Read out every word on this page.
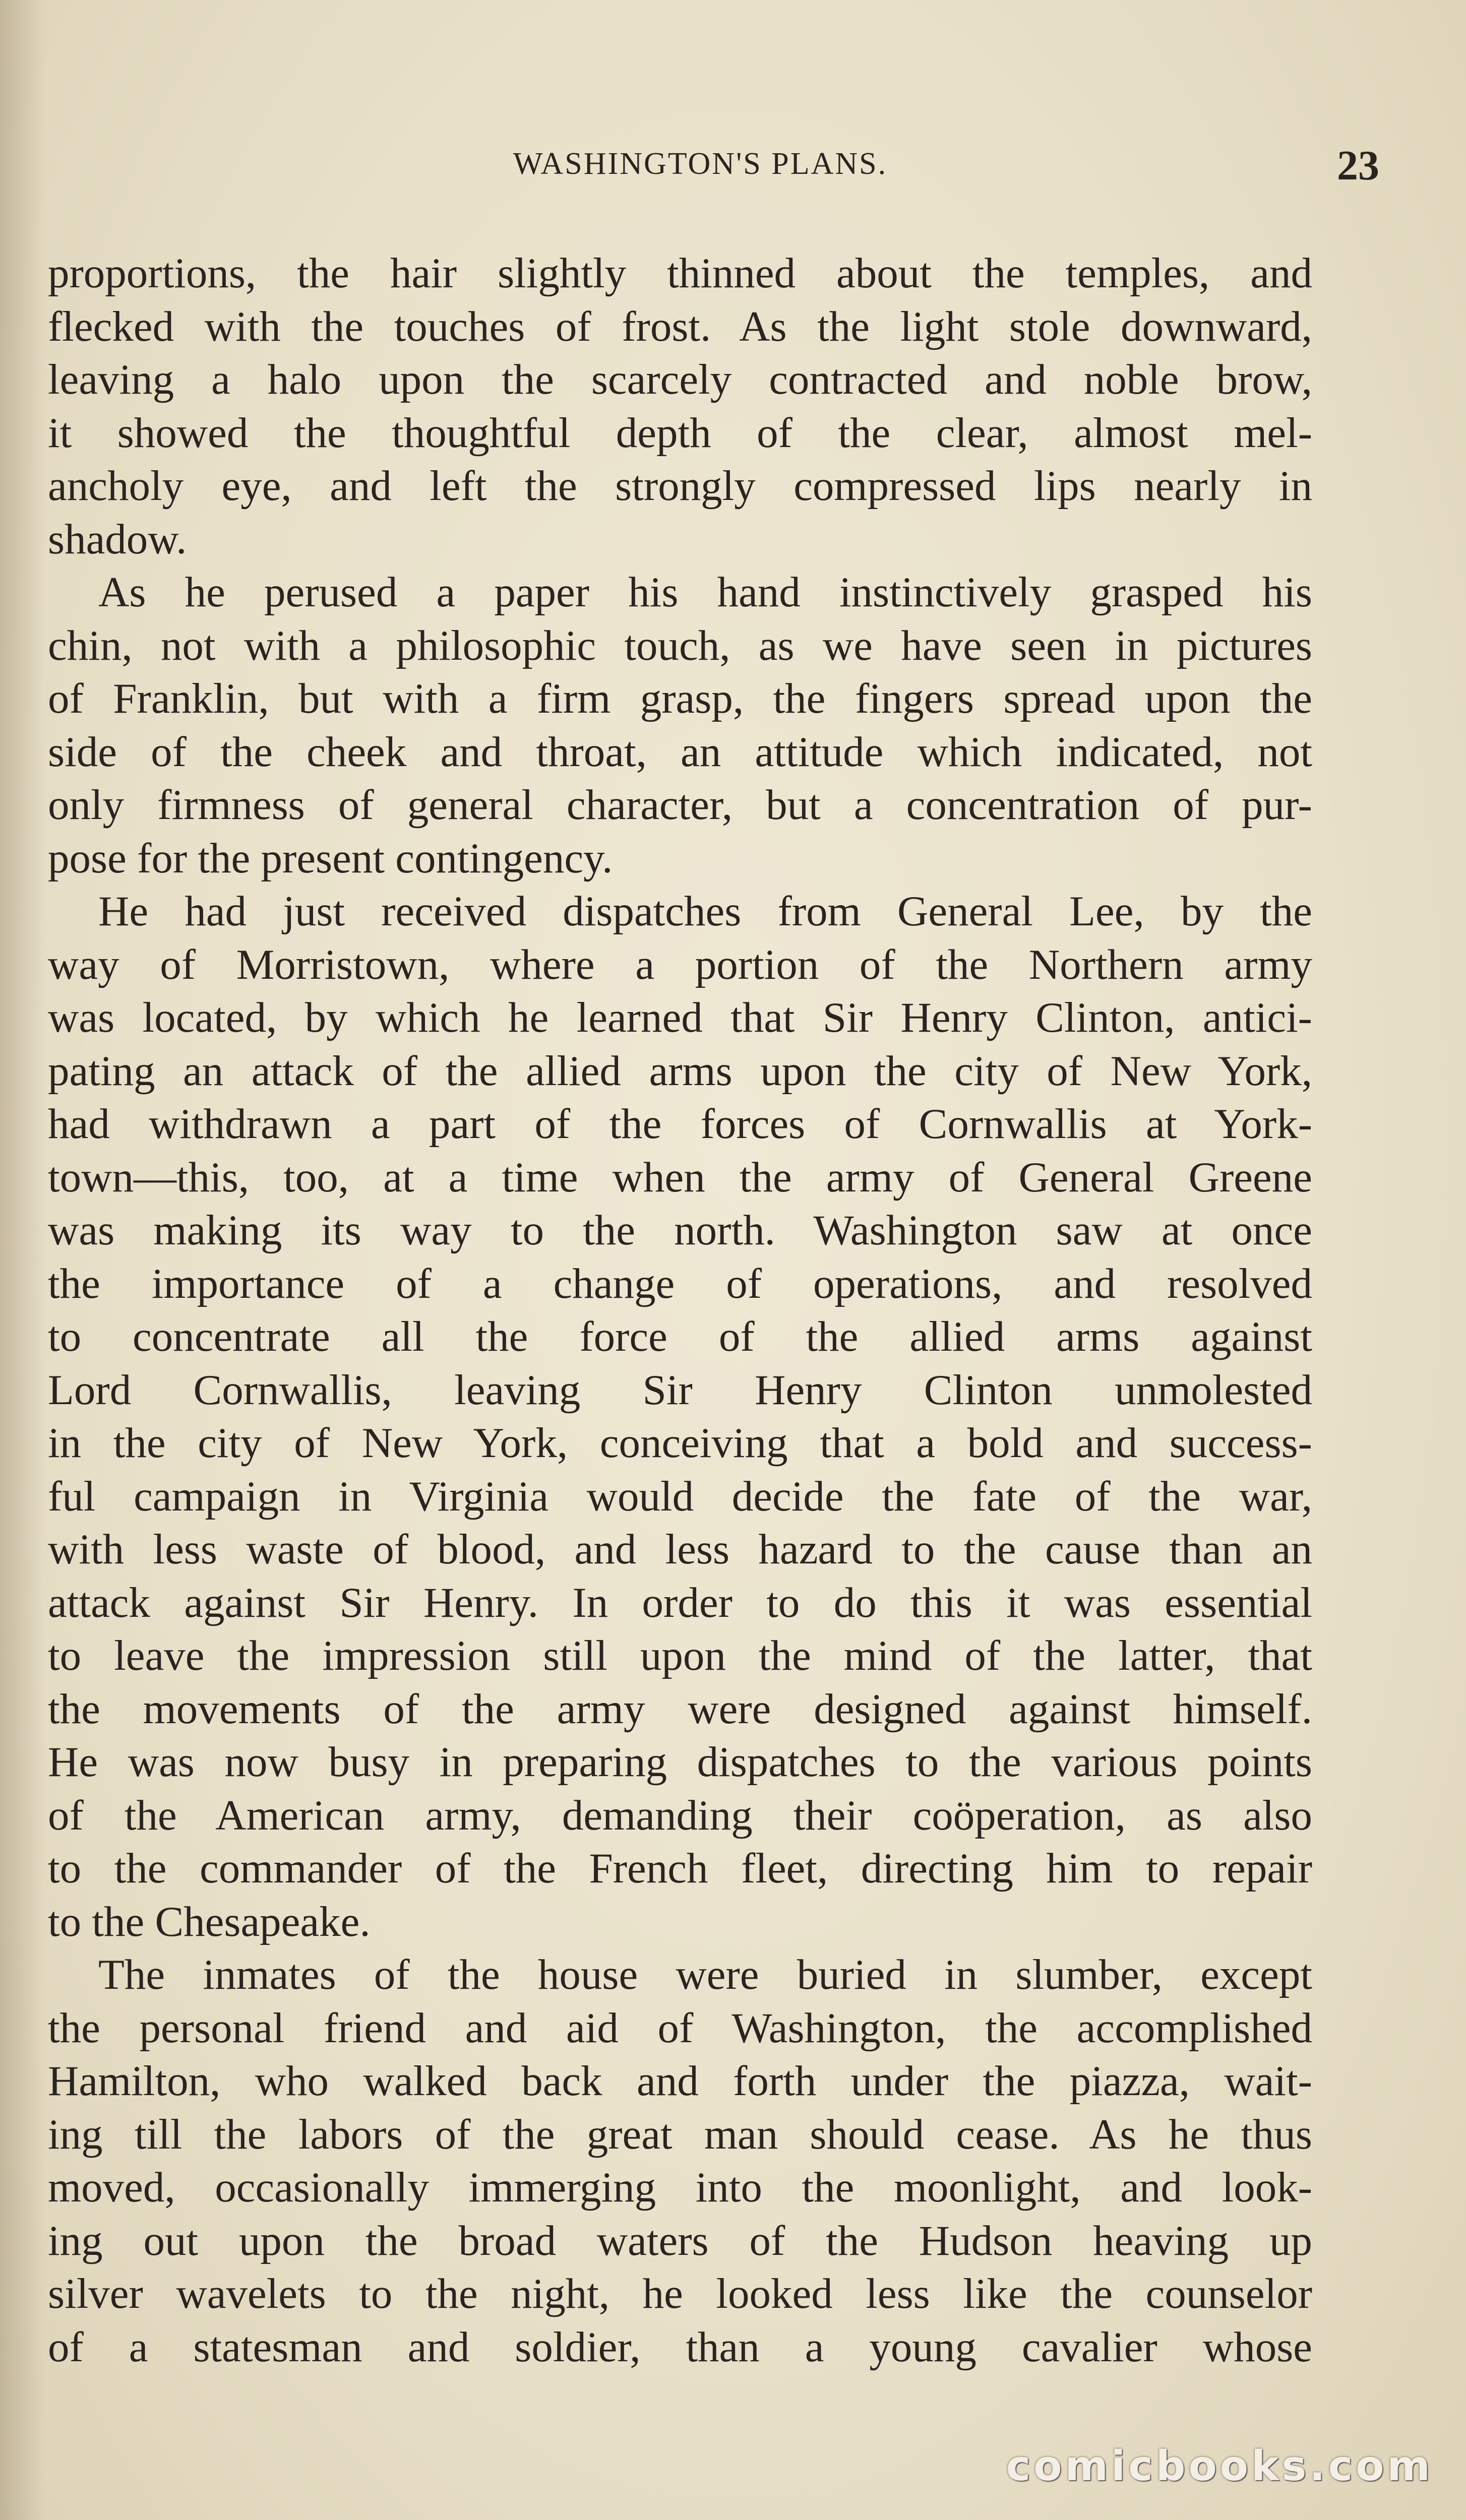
WASHINGTON'S PLANS.	23
proportions, the hair slightly thinned about the temples, and
flecked with the touches of frost. As the light stole downward,
leaving a halo upon the scarcely contracted and noble brow,
it showed the thoughtful depth of the clear, almost mel-
ancholy eye, and left the strongly compressed lips nearly in
shadow.
As he perused a paper his hand instinctively grasped his
chin, not with a philosophic touch, as we have seen in pictures
of Franklin, but with a firm grasp, the fingers spread upon the
side of the cheek and throat, an attitude which indicated, not
only firmness of general character, but a concentration of pur-
pose for the present contingency.
He had just received dispatches from General Lee, by the
way of Morristown, where a portion of the Northern army
was located, by which he learned that Sir Henry Clinton, antici-
pating an attack of the allied arms upon the city of New York,
had withdrawn a part of the forces of Cornwallis at York-
town—this, too, at a time when the army of General Greene
was making its way to the north. Washington saw at once
the importance of a change of operations, and resolved
to concentrate all the force of the allied arms against
Lord Cornwallis, leaving Sir Henry Clinton unmolested
in the city of New York, conceiving that a bold and success-
ful campaign in Virginia would decide the fate of the war,
with less waste of blood, and less hazard to the cause than an
attack against Sir Henry. In order to do this it was essential
to leave the impression still upon the mind of the latter, that
the movements of the army were designed against himself.
He was now busy in preparing dispatches to the various points
of the American army, demanding their coöperation, as also
to the commander of the French fleet, directing him to repair
to the Chesapeake.
The inmates of the house were buried in slumber, except
the personal friend and aid of Washington, the accomplished
Hamilton, who walked back and forth under the piazza, wait-
ing till the labors of the great man should cease. As he thus
moved, occasionally immerging into the moonlight, and look-
ing out upon the broad waters of the Hudson heaving up
silver wavelets to the night, he looked less like the counselor
of a statesman and soldier, than a young cavalier whose
comicbooks.com
